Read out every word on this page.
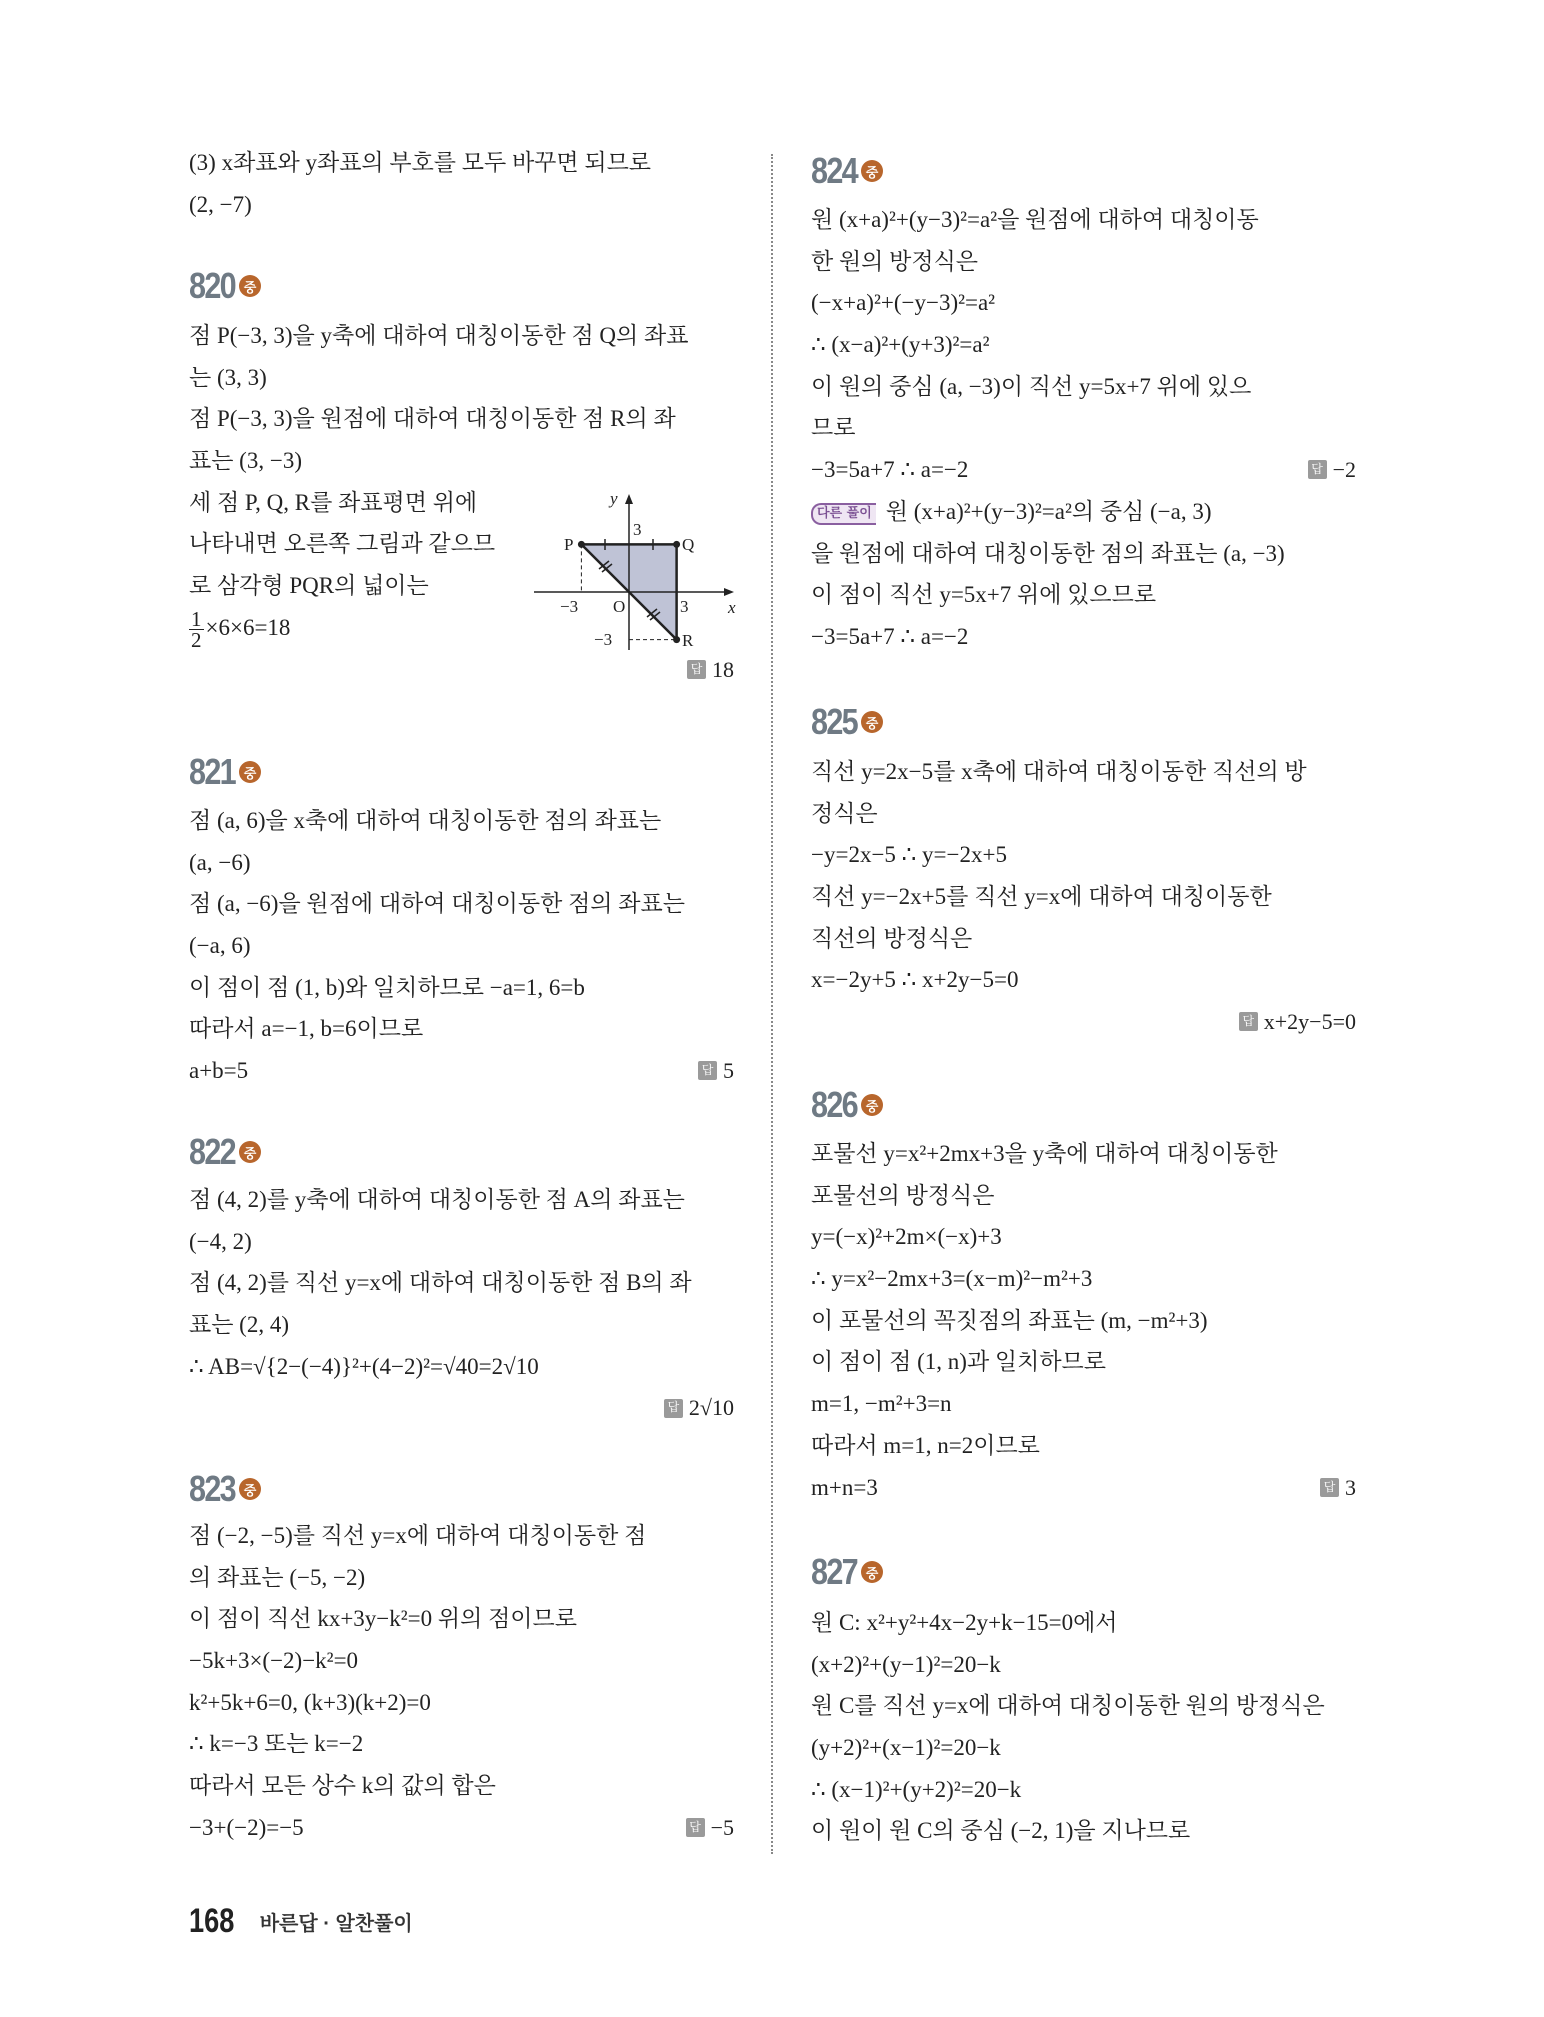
(3) x좌표와 y좌표의 부호를 모두 바꾸면 되므로
(2, −7)
820 중
점 P(−3, 3)을 y축에 대하여 대칭이동한 점 Q의 좌표
는 (3, 3)
점 P(−3, 3)을 원점에 대하여 대칭이동한 점 R의 좌
표는 (3, −3)
세 점 P, Q, R를 좌표평면 위에
나타내면 오른쪽 그림과 같으므
로 삼각형 PQR의 넓이는
$\frac{1}{2} \times 6\times 6=18$
답 18
821 중
점 (a, 6)을 x축에 대하여 대칭이동한 점의 좌표는
(a, −6)
점 (a, −6)을 원점에 대하여 대칭이동한 점의 좌표는
(−a, 6)
이 점이 점 (1, b)와 일치하므로 −a=1, 6=b
따라서 a=−1, b=6이므로
a+b=5	답 5
822 중
점 (4, 2)를 y축에 대하여 대칭이동한 점 A의 좌표는
(−4, 2)
점 (4, 2)를 직선 y=x에 대하여 대칭이동한 점 B의 좌
표는 (2, 4)
∴ AB=√{2−(−4)}²+(4−2)²=√40=2√10
답 2√10
823 중
점 (−2, −5)를 직선 y=x에 대하여 대칭이동한 점
의 좌표는 (−5, −2)
이 점이 직선 kx+3y−k²=0 위의 점이므로
−5k+3×(−2)−k²=0
k²+5k+6=0, (k+3)(k+2)=0
∴ k=−3 또는 k=−2
따라서 모든 상수 k의 값의 합은
−3+(−2)=−5	답 −5
824 중
원 (x+a)²+(y−3)²=a²을 원점에 대하여 대칭이동
한 원의 방정식은
(−x+a)²+(−y−3)²=a²
∴ (x−a)²+(y+3)²=a²
이 원의 중심 (a, −3)이 직선 y=5x+7 위에 있으
므로
−3=5a+7 ∴ a=−2	답 −2
다른 풀이 원 (x+a)²+(y−3)²=a²의 중심 (−a, 3)
을 원점에 대하여 대칭이동한 점의 좌표는 (a, −3)
이 점이 직선 y=5x+7 위에 있으므로
−3=5a+7 ∴ a=−2
825 중
직선 y=2x−5를 x축에 대하여 대칭이동한 직선의 방
정식은
−y=2x−5 ∴ y=−2x+5
직선 y=−2x+5를 직선 y=x에 대하여 대칭이동한
직선의 방정식은
x=−2y+5 ∴ x+2y−5=0
답 x+2y−5=0
826 중
포물선 y=x²+2mx+3을 y축에 대하여 대칭이동한
포물선의 방정식은
y=(−x)²+2m×(−x)+3
∴ y=x²−2mx+3=(x−m)²−m²+3
이 포물선의 꼭짓점의 좌표는 (m, −m²+3)
이 점이 점 (1, n)과 일치하므로
m=1, −m²+3=n
따라서 m=1, n=2이므로
m+n=3	답 3
827 중
원 C: x²+y²+4x−2y+k−15=0에서
(x+2)²+(y−1)²=20−k
원 C를 직선 y=x에 대하여 대칭이동한 원의 방정식은
(y+2)²+(x−1)²=20−k
∴ (x−1)²+(y+2)²=20−k
이 원이 원 C의 중심 (−2, 1)을 지나므로
y
x
O
P	Q
R
3
3
−3
−3
168 바른답 · 알찬풀이
